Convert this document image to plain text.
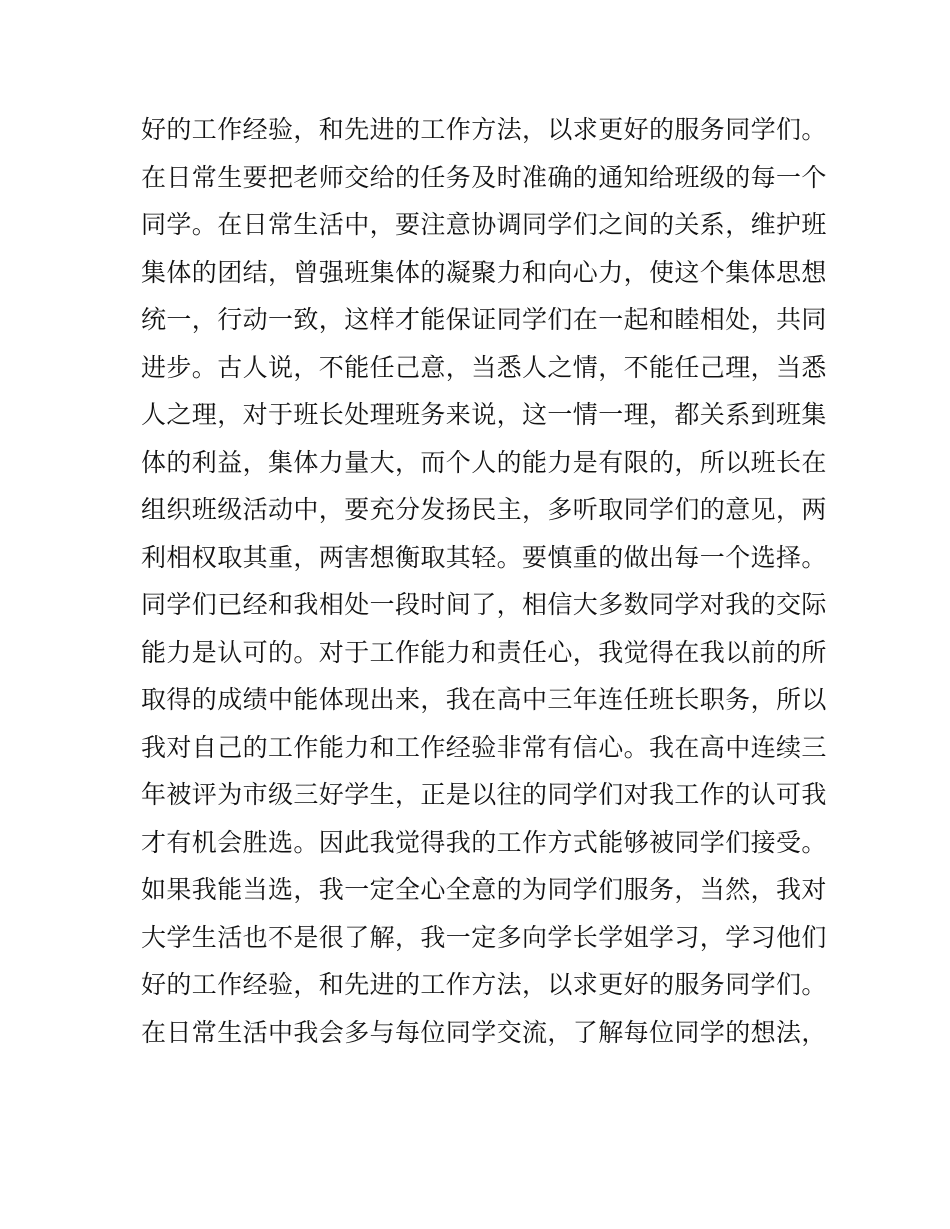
好的工作经验，和先进的工作方法，以求更好的服务同学们。
在日常生要把老师交给的任务及时准确的通知给班级的每一个
同学。在日常生活中，要注意协调同学们之间的关系，维护班
集体的团结，曾强班集体的凝聚力和向心力，使这个集体思想
统一，行动一致，这样才能保证同学们在一起和睦相处，共同
进步。古人说，不能任己意，当悉人之情，不能任己理，当悉
人之理，对于班长处理班务来说，这一情一理，都关系到班集
体的利益，集体力量大，而个人的能力是有限的，所以班长在
组织班级活动中，要充分发扬民主，多听取同学们的意见，两
利相权取其重，两害想衡取其轻。要慎重的做出每一个选择。
同学们已经和我相处一段时间了，相信大多数同学对我的交际
能力是认可的。对于工作能力和责任心，我觉得在我以前的所
取得的成绩中能体现出来，我在高中三年连任班长职务，所以
我对自己的工作能力和工作经验非常有信心。我在高中连续三
年被评为市级三好学生，正是以往的同学们对我工作的认可我
才有机会胜选。因此我觉得我的工作方式能够被同学们接受。
如果我能当选，我一定全心全意的为同学们服务，当然，我对
大学生活也不是很了解，我一定多向学长学姐学习，学习他们
好的工作经验，和先进的工作方法，以求更好的服务同学们。
在日常生活中我会多与每位同学交流，了解每位同学的想法，
